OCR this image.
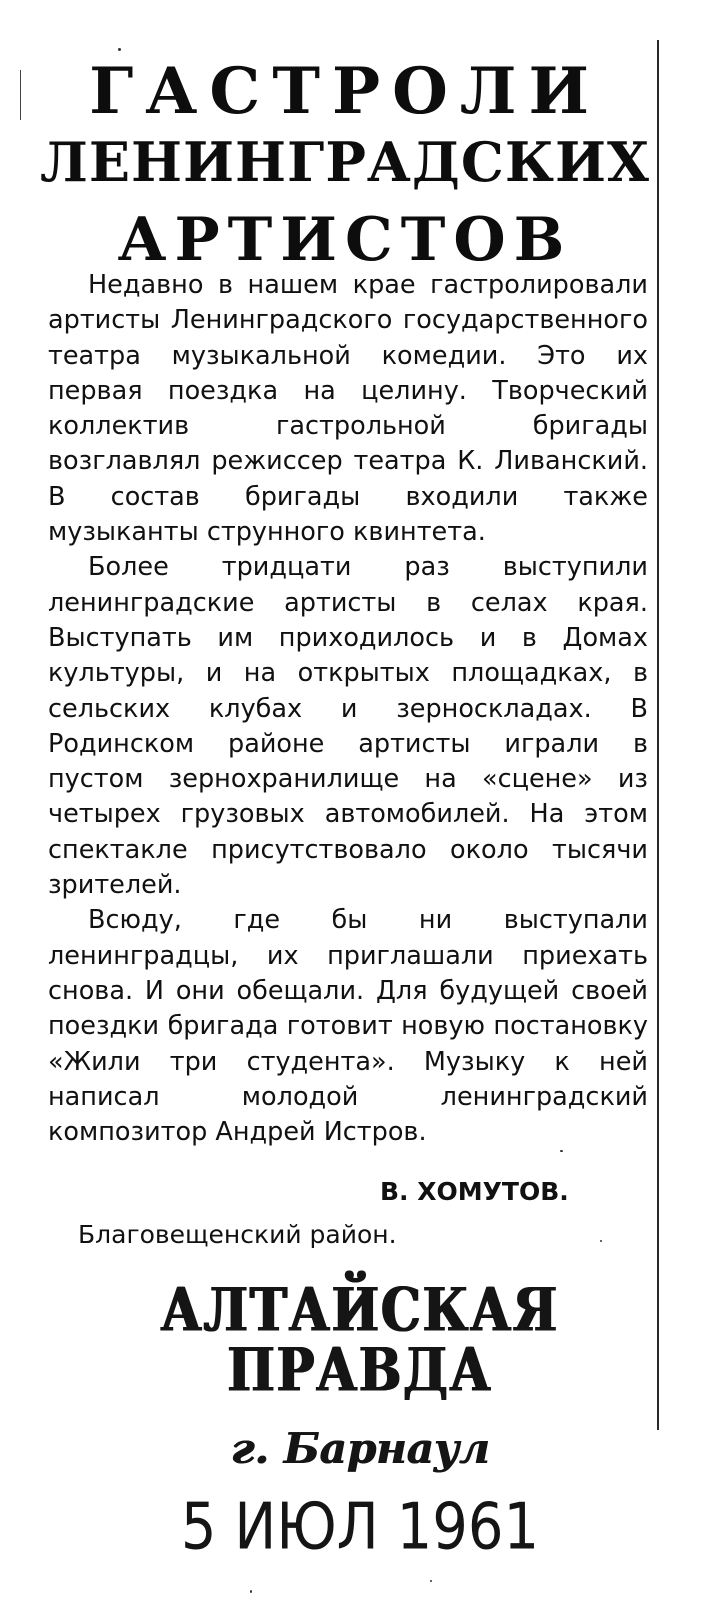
ГАСТРОЛИ
ЛЕНИНГРАДСКИХ
АРТИСТОВ

Недавно в нашем крае гастролировали артисты Ленинградского государственного театра музыкальной комедии. Это их первая поездка на целину. Творческий коллектив гастрольной бригады возглавлял режиссер театра К. Ливанский. В состав бригады входили также музыканты струнного квинтета.

Более тридцати раз выступили ленинградские артисты в селах края. Выступать им приходилось и в Домах культуры, и на открытых площадках, в сельских клубах и зерноскладах. В Родинском районе артисты играли в пустом зернохранилище на «сцене» из четырех грузовых автомобилей. На этом спектакле присутствовало около тысячи зрителей.

Всюду, где бы ни выступали ленинградцы, их приглашали приехать снова. И они обещали. Для будущей своей поездки бригада готовит новую постановку «Жили три студента». Музыку к ней написал молодой ленинградский композитор Андрей Истров.

В. ХОМУТОВ.

Благовещенский район.

АЛТАЙСКАЯ ПРАВДА
г. Барнаул
5 ИЮЛ 1961
